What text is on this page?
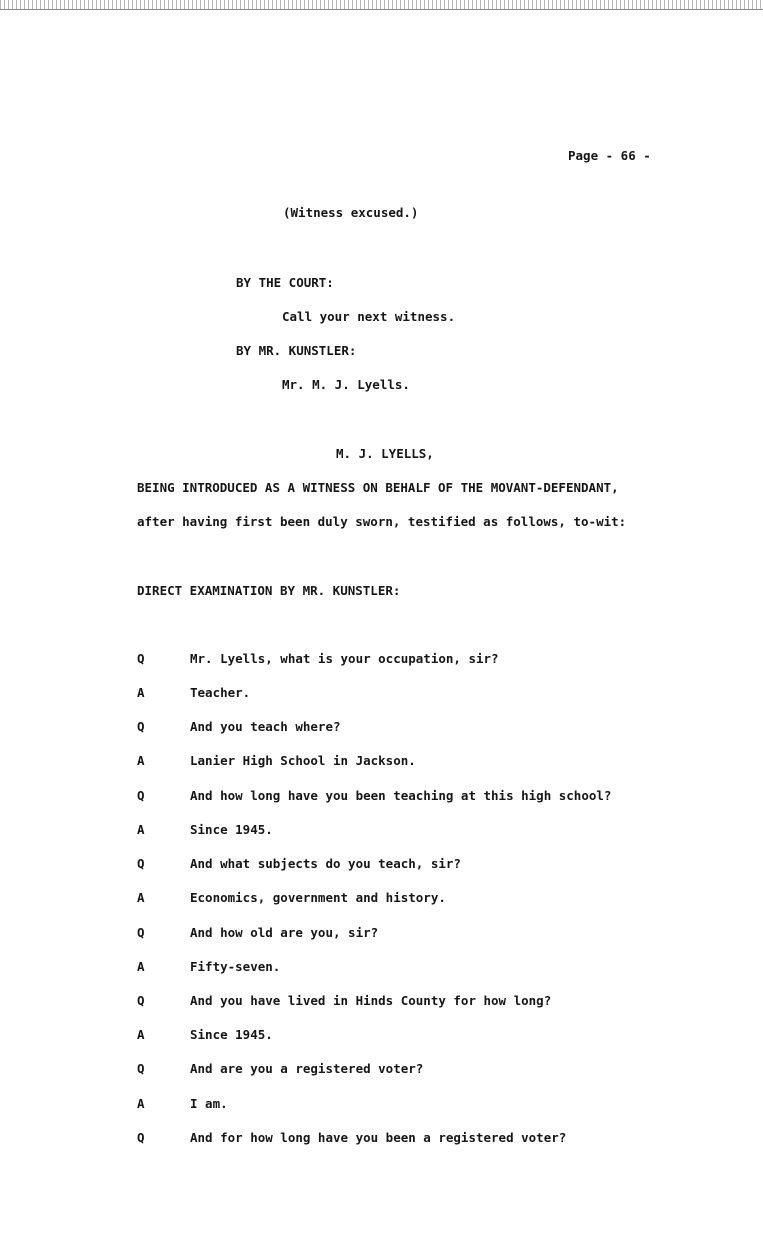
Page - 66 -
(Witness excused.)
BY THE COURT:
Call your next witness.
BY MR. KUNSTLER:
Mr. M. J. Lyells.
M. J. LYELLS,
BEING INTRODUCED AS A WITNESS ON BEHALF OF THE MOVANT-DEFENDANT,
after having first been duly sworn, testified as follows, to-wit:
DIRECT EXAMINATION BY MR. KUNSTLER:
Q	Mr. Lyells, what is your occupation, sir?
A	Teacher.
Q	And you teach where?
A	Lanier High School in Jackson.
Q	And how long have you been teaching at this high school?
A	Since 1945.
Q	And what subjects do you teach, sir?
A	Economics, government and history.
Q	And how old are you, sir?
A	Fifty-seven.
Q	And you have lived in Hinds County for how long?
A	Since 1945.
Q	And are you a registered voter?
A	I am.
Q	And for how long have you been a registered voter?
